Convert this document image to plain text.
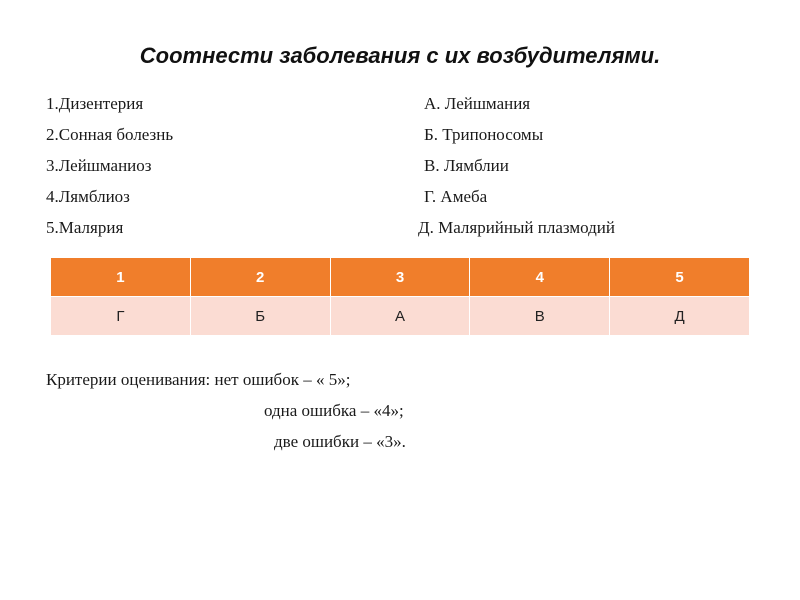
Соотнести заболевания с их возбудителями.
1.Дизентерия
2.Сонная болезнь
3.Лейшманиоз
4.Лямблиоз
5.Малярия
А. Лейшмания
Б. Трипоносомы
В. Лямблии
Г. Амеба
Д. Малярийный плазмодий
1	2	3	4	5
Г	Б	А	В	Д
Критерии оценивания: нет ошибок – « 5»;
одна ошибка – «4»;
две ошибки – «3».
